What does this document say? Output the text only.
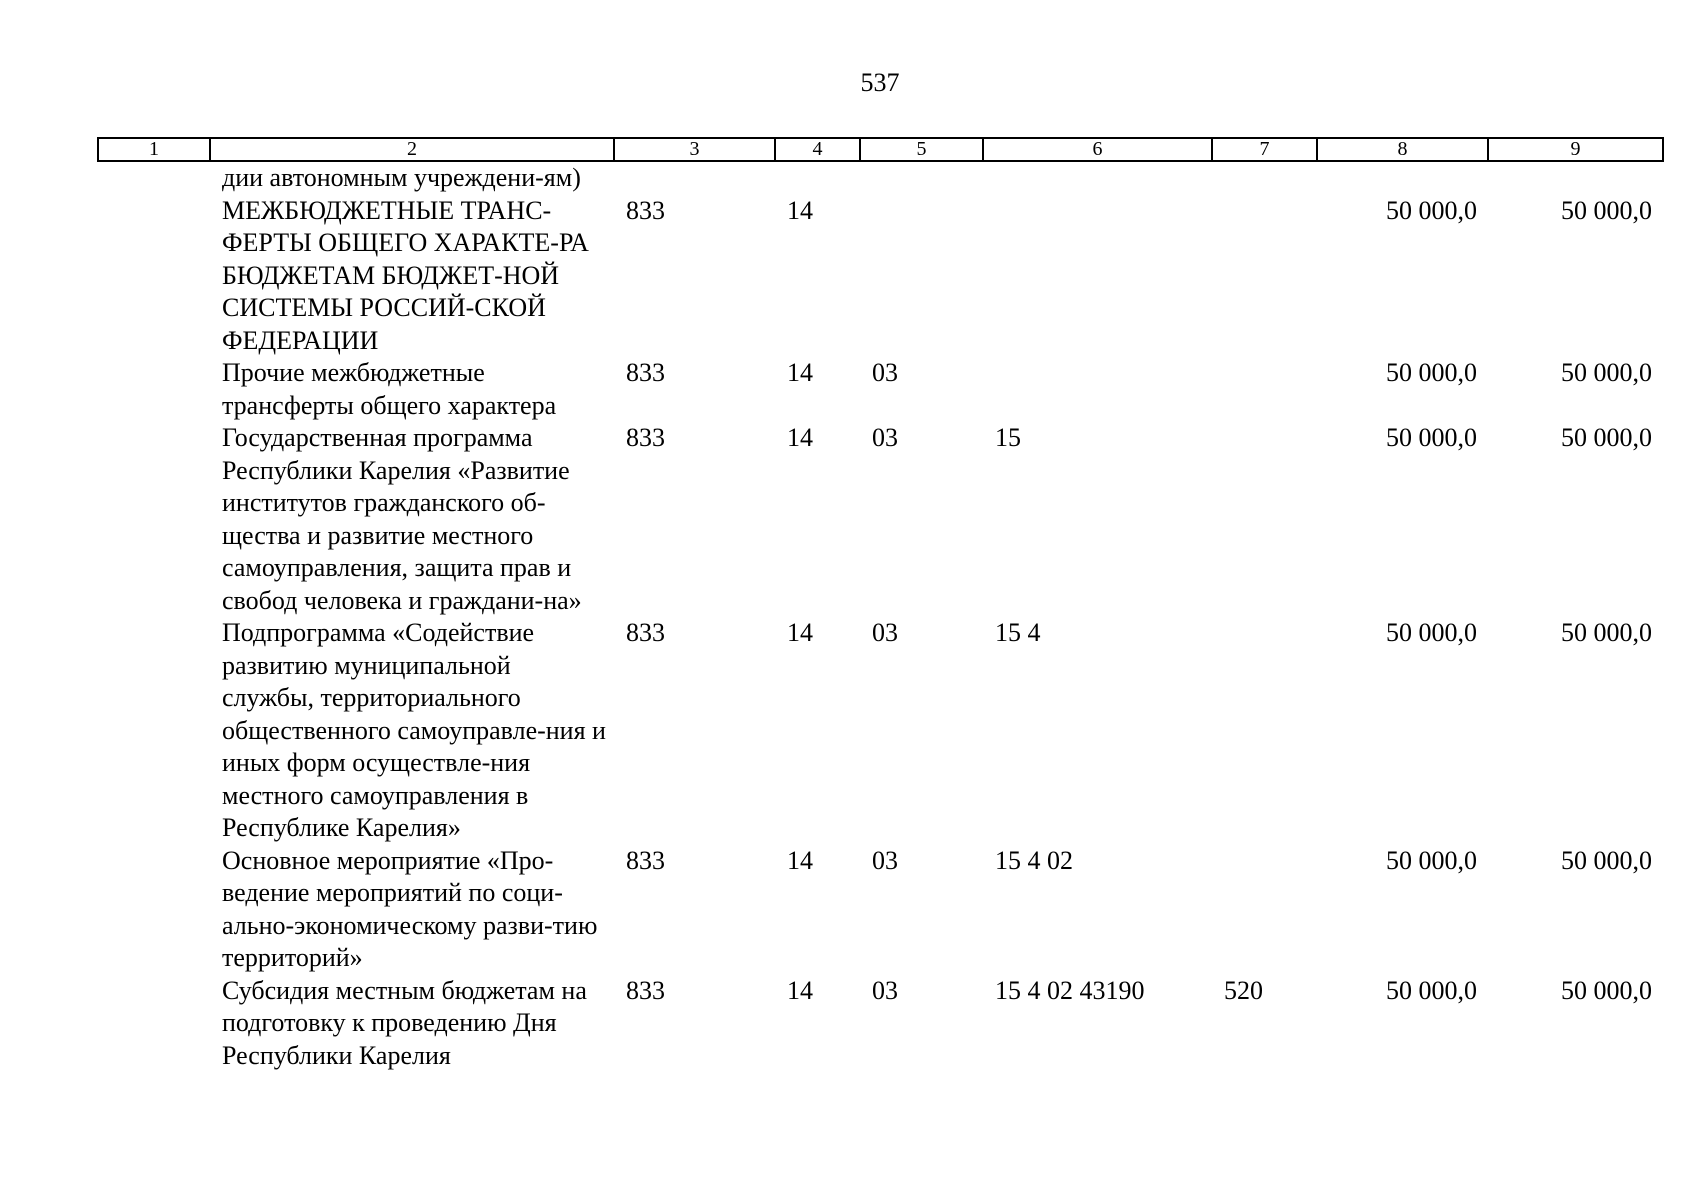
537
1	2	3	4	5	6	7	8	9
	дии автономным учреждени-ям)							
	МЕЖБЮДЖЕТНЫЕ ТРАНС-ФЕРТЫ ОБЩЕГО ХАРАКТЕ-РА БЮДЖЕТАМ БЮДЖЕТ-НОЙ СИСТЕМЫ РОССИЙ-СКОЙ ФЕДЕРАЦИИ	833	14				50 000,0	50 000,0
	Прочие межбюджетные трансферты общего характера	833	14	03			50 000,0	50 000,0
	Государственная программа Республики Карелия «Развитие институтов гражданского об-щества и развитие местного самоуправления, защита прав и свобод человека и граждани-на»	833	14	03	15		50 000,0	50 000,0
	Подпрограмма «Содействие развитию муниципальной службы, территориального общественного самоуправле-ния и иных форм осуществле-ния местного самоуправления в Республике Карелия»	833	14	03	15 4		50 000,0	50 000,0
	Основное мероприятие «Про-ведение мероприятий по соци-ально-экономическому разви-тию территорий»	833	14	03	15 4 02		50 000,0	50 000,0
	Субсидия местным бюджетам на подготовку к проведению Дня Республики Карелия	833	14	03	15 4 02 43190	520	50 000,0	50 000,0
